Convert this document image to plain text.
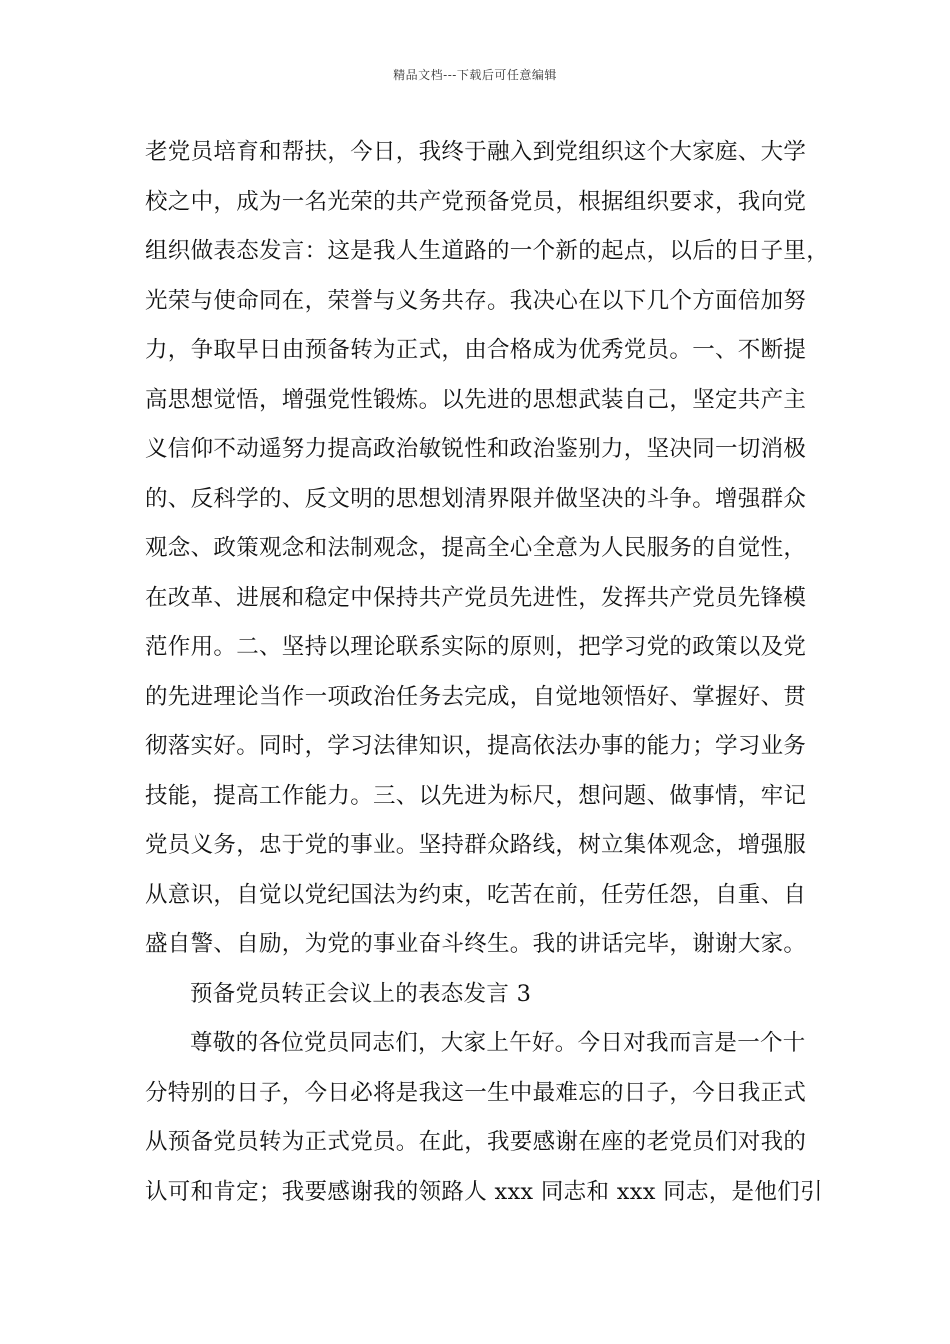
精品文档---下载后可任意编辑
老党员培育和帮扶，今日，我终于融入到党组织这个大家庭、大学
校之中，成为一名光荣的共产党预备党员，根据组织要求，我向党
组织做表态发言：这是我人生道路的一个新的起点，以后的日子里，
光荣与使命同在，荣誉与义务共存。我决心在以下几个方面倍加努
力，争取早日由预备转为正式，由合格成为优秀党员。一、不断提
高思想觉悟，增强党性锻炼。以先进的思想武装自己，坚定共产主
义信仰不动遥努力提高政治敏锐性和政治鉴别力，坚决同一切消极
的、反科学的、反文明的思想划清界限并做坚决的斗争。增强群众
观念、政策观念和法制观念，提高全心全意为人民服务的自觉性，
在改革、进展和稳定中保持共产党员先进性，发挥共产党员先锋模
范作用。二、坚持以理论联系实际的原则，把学习党的政策以及党
的先进理论当作一项政治任务去完成，自觉地领悟好、掌握好、贯
彻落实好。同时，学习法律知识，提高依法办事的能力；学习业务
技能，提高工作能力。三、以先进为标尺，想问题、做事情，牢记
党员义务，忠于党的事业。坚持群众路线，树立集体观念，增强服
从意识，自觉以党纪国法为约束，吃苦在前，任劳任怨，自重、自
盛自警、自励，为党的事业奋斗终生。我的讲话完毕，谢谢大家。
预备党员转正会议上的表态发言 3
尊敬的各位党员同志们，大家上午好。今日对我而言是一个十
分特别的日子，今日必将是我这一生中最难忘的日子，今日我正式
从预备党员转为正式党员。在此，我要感谢在座的老党员们对我的
认可和肯定；我要感谢我的领路人 xxx 同志和 xxx 同志，是他们引
